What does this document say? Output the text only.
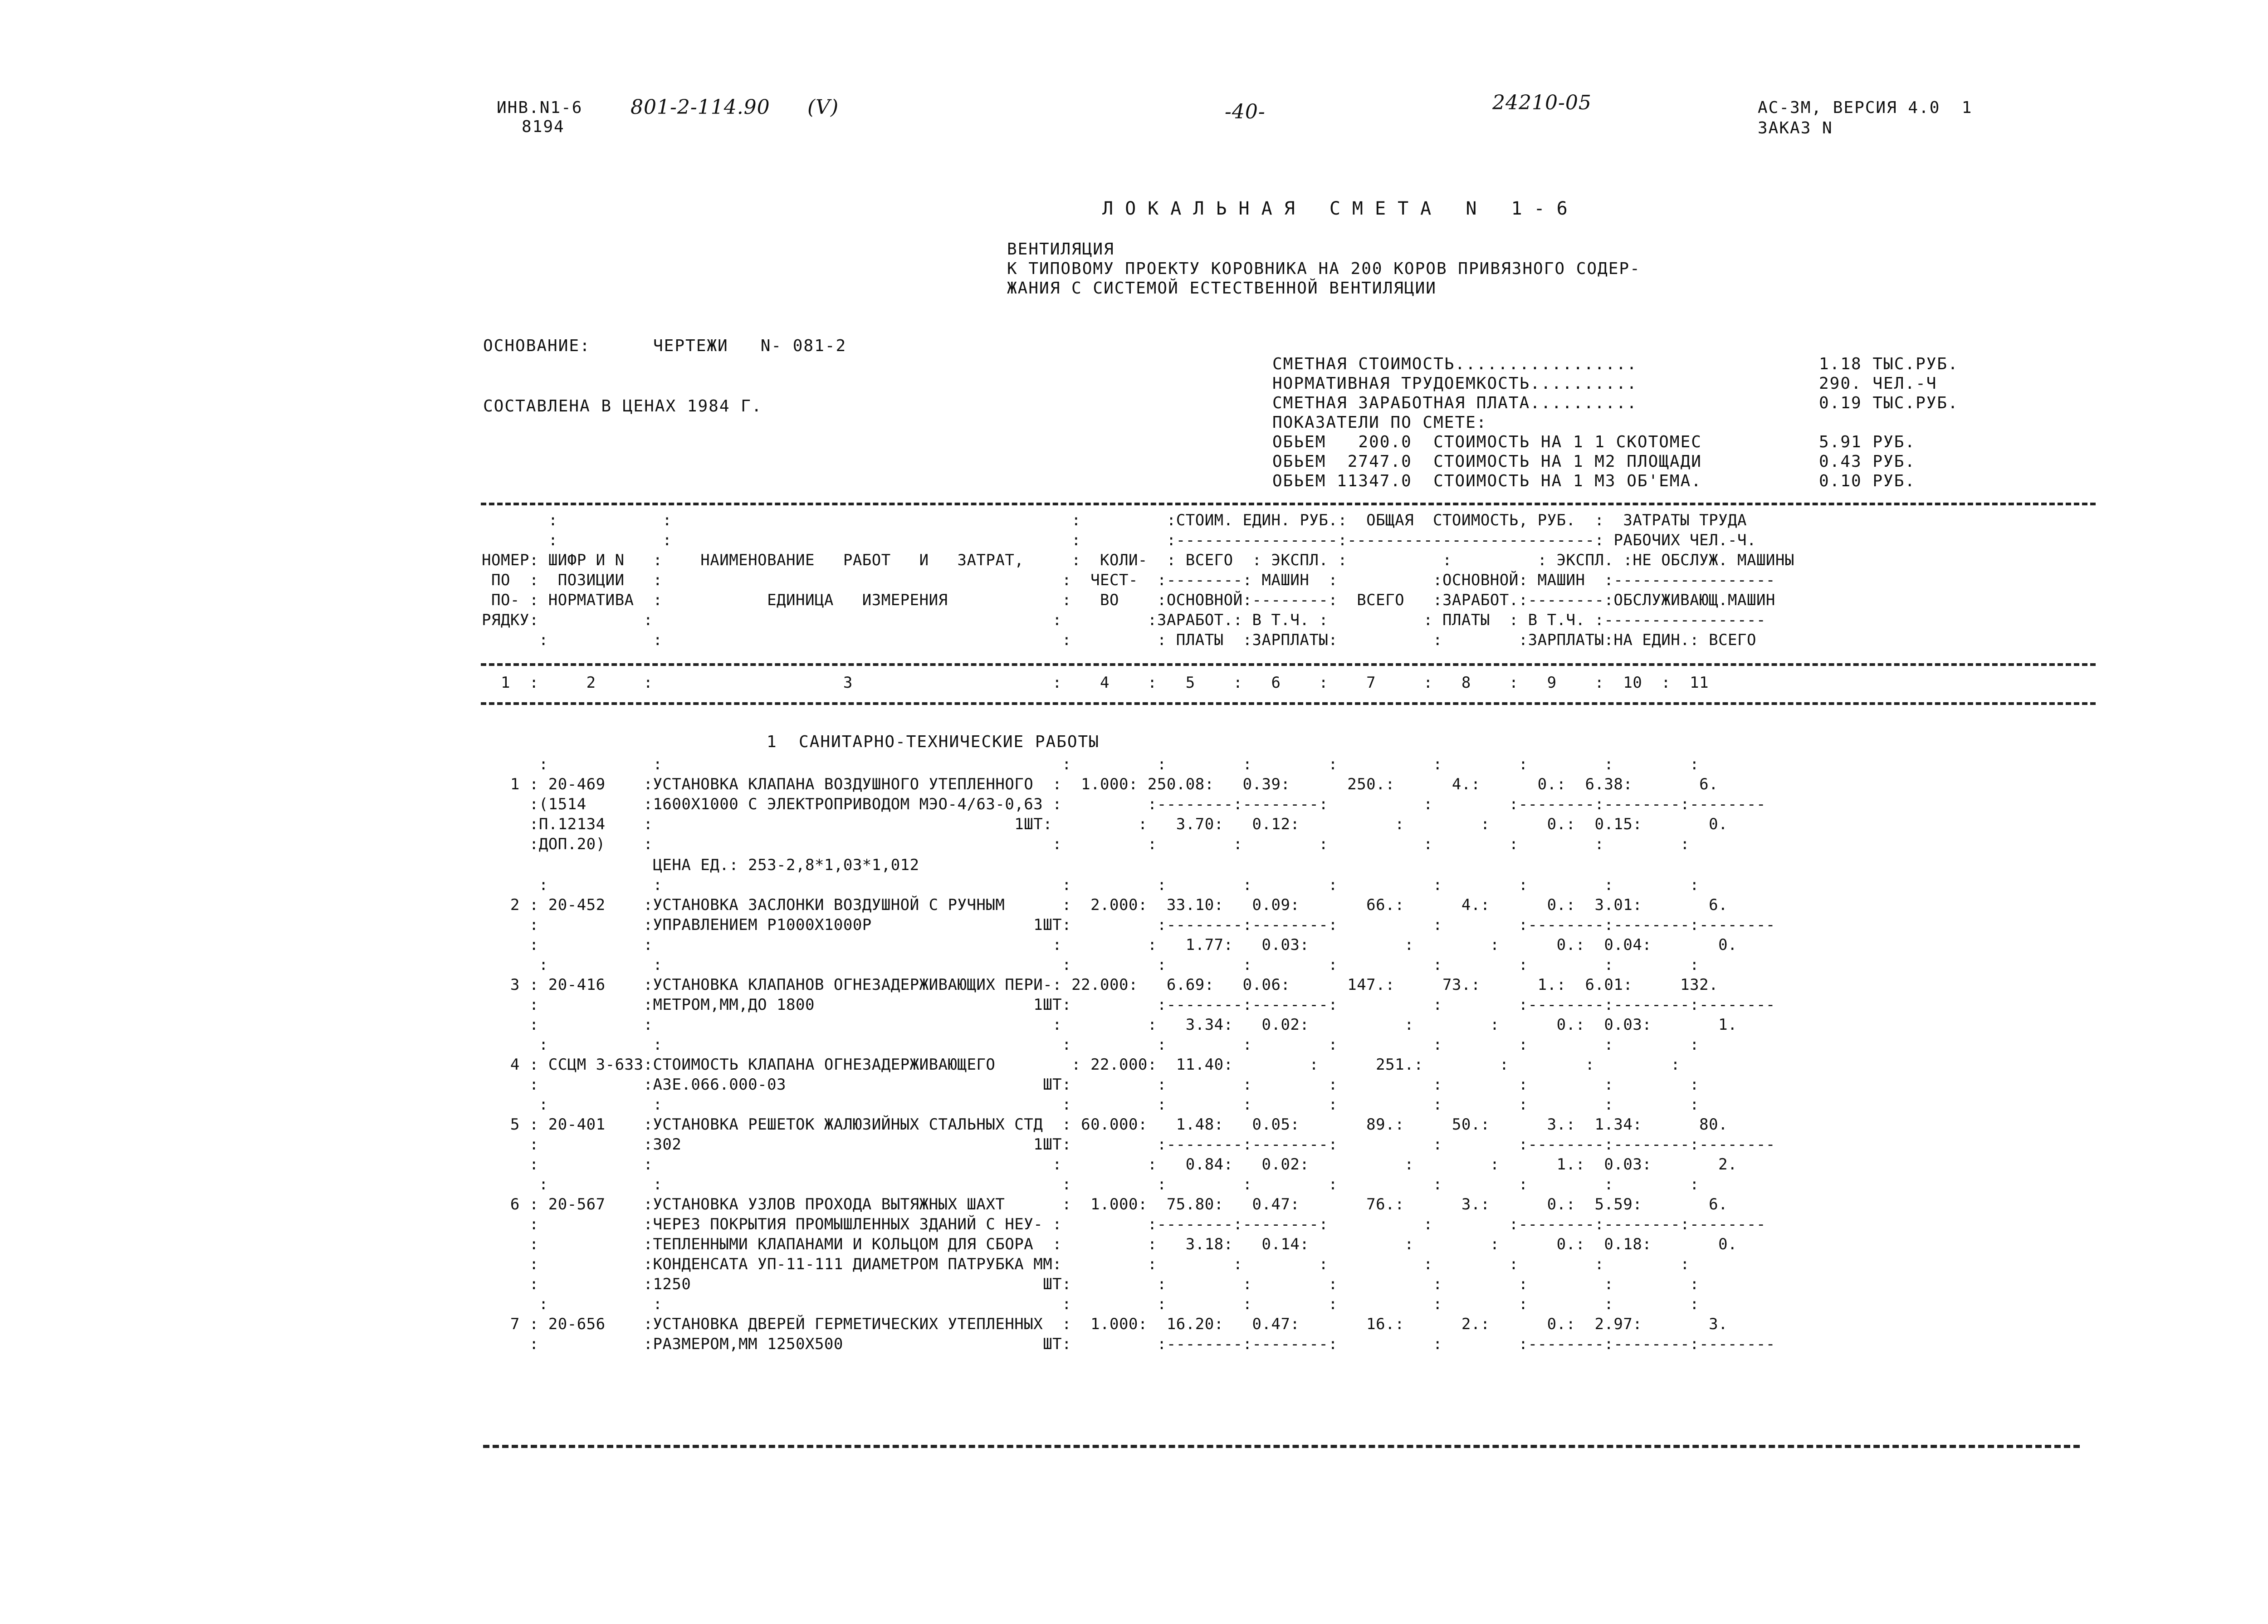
ИНВ.N1-6
8194
801-2-114.90 (V)	-40-	24210-05	АС-3М, ВЕРСИЯ 4.0  1
ЗАКАЗ N
ЛОКАЛЬНАЯ СМЕТА N 1-6
ВЕНТИЛЯЦИЯ
К ТИПОВОМУ ПРОЕКТУ КОРОВНИКА НА 200 КОРОВ ПРИВЯЗНОГО СОДЕР-
ЖАНИЯ С СИСТЕМОЙ ЕСТЕСТВЕННОЙ ВЕНТИЛЯЦИИ
ОСНОВАНИЕ:	ЧЕРТЕЖИ   N- 081-2
СОСТАВЛЕНА В ЦЕНАХ 1984 Г.
СМЕТНАЯ СТОИМОСТЬ.................	1.18 ТЫС.РУБ.
НОРМАТИВНАЯ ТРУДОЕМКОСТЬ..........	290. ЧЕЛ.-Ч
СМЕТНАЯ ЗАРАБОТНАЯ ПЛАТА..........	0.19 ТЫС.РУБ.
ПОКАЗАТЕЛИ ПО СМЕТЕ:
ОБЬЕМ   200.0  СТОИМОСТЬ НА 1 1 СКОТОМЕС	5.91 РУБ.
ОБЬЕМ  2747.0  СТОИМОСТЬ НА 1 М2 ПЛОЩАДИ	0.43 РУБ.
ОБЬЕМ 11347.0  СТОИМОСТЬ НА 1 М3 ОБ'ЕМА.	0.10 РУБ.
:           :                                          :         :СТОИМ. ЕДИН. РУБ.:  ОБЩАЯ  СТОИМОСТЬ, РУБ.  :  ЗАТРАТЫ ТРУДА
:           :                                          :         :-----------------:--------------------------: РАБОЧИХ ЧЕЛ.-Ч.
НОМЕР: ШИФР И N   :    НАИМЕНОВАНИЕ   РАБОТ   И   ЗАТРАТ,     :  КОЛИ-  : ВСЕГО  : ЭКСПЛ. :          :         : ЭКСПЛ. :НЕ ОБСЛУЖ. МАШИНЫ
ПО  :  ПОЗИЦИИ   :                                          :  ЧЕСТ-  :--------: МАШИН  :          :ОСНОВНОЙ: МАШИН  :-----------------
ПО- : НОРМАТИВА  :           ЕДИНИЦА   ИЗМЕРЕНИЯ            :   ВО    :ОСНОВНОЙ:--------:  ВСЕГО   :ЗАРАБОТ.:--------:ОБСЛУЖИВАЮЩ.МАШИН
РЯДКУ:           :                                          :         :ЗАРАБОТ.: В Т.Ч. :          : ПЛАТЫ  : В Т.Ч. :-----------------
:           :                                          :         : ПЛАТЫ  :ЗАРПЛАТЫ:          :        :ЗАРПЛАТЫ:НА ЕДИН.: ВСЕГО
1  :     2     :                    3                     :    4    :   5    :   6    :    7     :   8    :   9    :  10  :  11
1  САНИТАРНО-ТЕХНИЧЕСКИЕ РАБОТЫ
:           :                                          :         :        :        :          :        :        :        :
1 : 20-469    :УСТАНОВКА КЛАПАНА ВОЗДУШНОГО УТЕПЛЕННОГО  :  1.000: 250.08:   0.39:      250.:      4.:      0.:  6.38:       6.
:(1514      :1600Х1000 С ЭЛЕКТРОПРИВОДОМ МЭО-4/63-0,63 :         :--------:--------:          :        :--------:--------:--------
:П.12134    :                                      1ШТ:         :   3.70:   0.12:          :        :      0.:  0.15:       0.
:ДОП.20)    :                                          :         :        :        :          :        :        :        :
ЦЕНА ЕД.: 253-2,8*1,03*1,012
:           :                                          :         :        :        :          :        :        :        :
2 : 20-452    :УСТАНОВКА ЗАСЛОНКИ ВОЗДУШНОЙ С РУЧНЫМ      :  2.000:  33.10:   0.09:       66.:      4.:      0.:  3.01:       6.
:           :УПРАВЛЕНИЕМ Р1000Х1000Р                 1ШТ:         :--------:--------:          :        :--------:--------:--------
:           :                                          :         :   1.77:   0.03:          :        :      0.:  0.04:       0.
:           :                                          :         :        :        :          :        :        :        :
3 : 20-416    :УСТАНОВКА КЛАПАНОВ ОГНЕЗАДЕРЖИВАЮЩИХ ПЕРИ-: 22.000:   6.69:   0.06:      147.:     73.:      1.:  6.01:     132.
:           :МЕТРОМ,ММ,ДО 1800                       1ШТ:         :--------:--------:          :        :--------:--------:--------
:           :                                          :         :   3.34:   0.02:          :        :      0.:  0.03:       1.
:           :                                          :         :        :        :          :        :        :        :
4 : ССЦМ 3-633:СТОИМОСТЬ КЛАПАНА ОГНЕЗАДЕРЖИВАЮЩЕГО        : 22.000:  11.40:        :      251.:        :        :        :
:           :АЗЕ.066.000-03                           ШТ:         :        :        :          :        :        :        :
:           :                                          :         :        :        :          :        :        :        :
5 : 20-401    :УСТАНОВКА РЕШЕТОК ЖАЛЮЗИЙНЫХ СТАЛЬНЫХ СТД  : 60.000:   1.48:   0.05:       89.:     50.:      3.:  1.34:      80.
:           :302                                     1ШТ:         :--------:--------:          :        :--------:--------:--------
:           :                                          :         :   0.84:   0.02:          :        :      1.:  0.03:       2.
:           :                                          :         :        :        :          :        :        :        :
6 : 20-567    :УСТАНОВКА УЗЛОВ ПРОХОДА ВЫТЯЖНЫХ ШАХТ      :  1.000:  75.80:   0.47:       76.:      3.:      0.:  5.59:       6.
:           :ЧЕРЕЗ ПОКРЫТИЯ ПРОМЫШЛЕННЫХ ЗДАНИЙ С НЕУ- :         :--------:--------:          :        :--------:--------:--------
:           :ТЕПЛЕННЫМИ КЛАПАНАМИ И КОЛЬЦОМ ДЛЯ СБОРА  :         :   3.18:   0.14:          :        :      0.:  0.18:       0.
:           :КОНДЕНСАТА УП-11-111 ДИАМЕТРОМ ПАТРУБКА ММ:         :        :        :          :        :        :        :
:           :1250                                     ШТ:         :        :        :          :        :        :        :
:           :                                          :         :        :        :          :        :        :        :
7 : 20-656    :УСТАНОВКА ДВЕРЕЙ ГЕРМЕТИЧЕСКИХ УТЕПЛЕННЫХ  :  1.000:  16.20:   0.47:       16.:      2.:      0.:  2.97:       3.
:           :РАЗМЕРОМ,ММ 1250Х500                     ШТ:         :--------:--------:          :        :--------:--------:--------
